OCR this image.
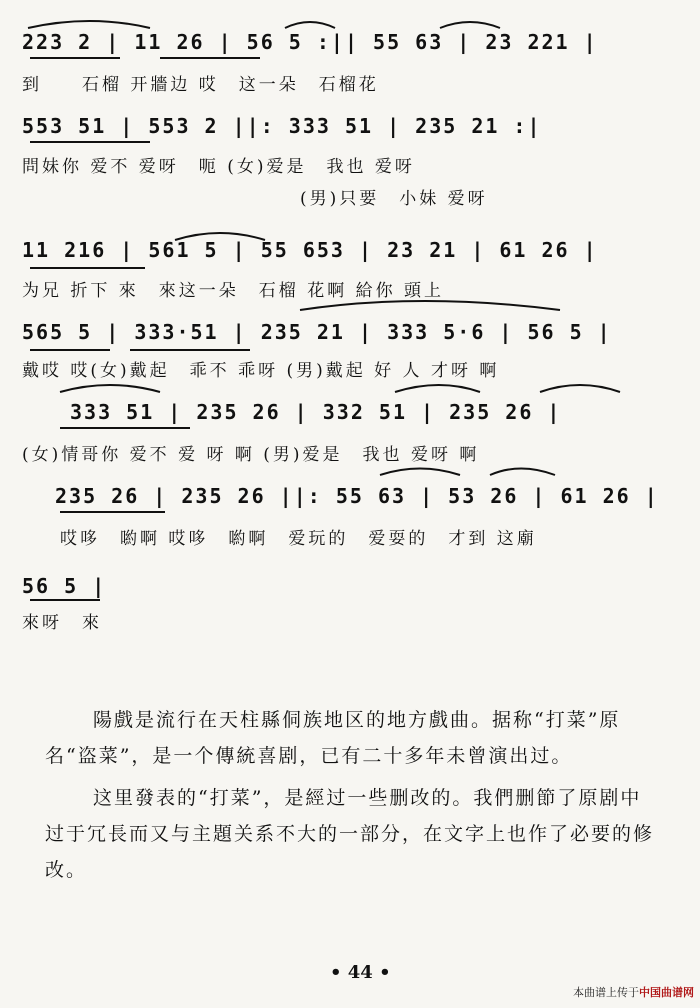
223 2 | 11 26 | 56 5 :|| 55 63 | 23 221 |
到　　石榴 开牆边 哎　这一朵　石榴花
553 51 | 553 2 ||: 333 51 | 235 21 :|
問妹你 爱不 爱呀　呃 (女)爱是　我也 爱呀
(男)只要　小妹 爱呀
11 216 | 561 5 | 55 653 | 23 21 | 61 26 |
为兄 折下 來　來这一朵　石榴 花啊 給你 頭上
565 5 | 333·51 | 235 21 | 333 5·6 | 56 5 |
戴哎 哎(女)戴起　乖不 乖呀 (男)戴起 好 人 才呀 啊
333 51 | 235 26 | 332 51 | 235 26 |
(女)情哥你 爱不 爱 呀 啊 (男)爱是　我也 爱呀 啊
235 26 | 235 26 ||: 55 63 | 53 26 | 61 26 |
哎哆　喲啊 哎哆　喲啊　爱玩的　爱耍的　才到 这廟
56 5 |
來呀　來

陽戲是流行在天柱縣侗族地区的地方戲曲。据称“打菜”原名“盗菜”，是一个傳統喜剧，已有二十多年未曾演出过。

这里發表的“打菜”，是經过一些删改的。我們删節了原剧中过于冗長而又与主題关系不大的一部分，在文字上也作了必要的修改。

• 44 •
本曲谱上传于中国曲谱网
